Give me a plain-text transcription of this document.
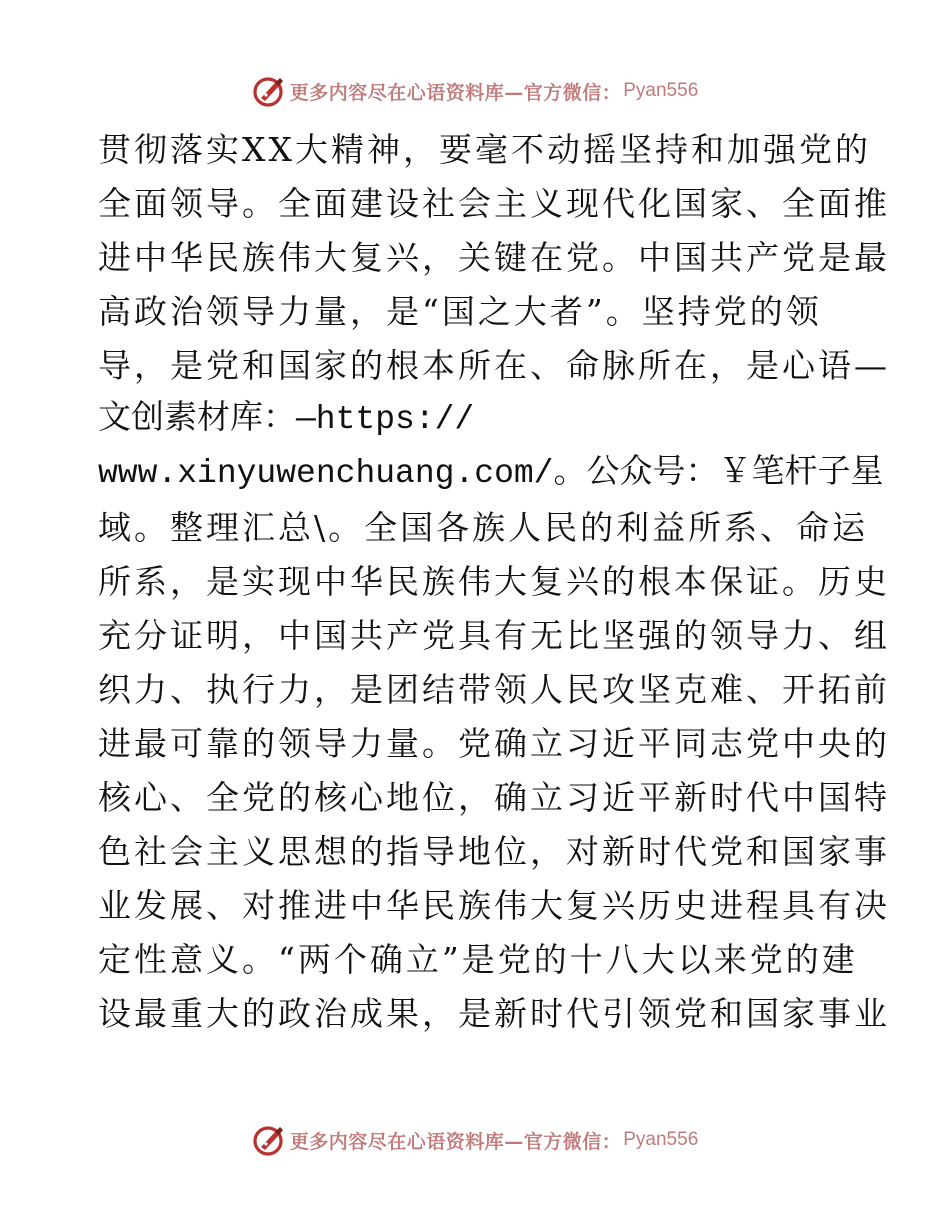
更多内容尽在心语资料库—官方微信： Pyan556
贯彻落实XX大精神，要毫不动摇坚持和加强党的
全面领导。全面建设社会主义现代化国家、全面推
进中华民族伟大复兴，关键在党。中国共产党是最
高政治领导力量，是“国之大者”。坚持党的领
导，是党和国家的根本所在、命脉所在，是心语—
文创素材库：—https://
www.xinyuwenchuang.com/。公众号：￥笔杆子星
域。整理汇总\。全国各族人民的利益所系、命运
所系，是实现中华民族伟大复兴的根本保证。历史
充分证明，中国共产党具有无比坚强的领导力、组
织力、执行力，是团结带领人民攻坚克难、开拓前
进最可靠的领导力量。党确立习近平同志党中央的
核心、全党的核心地位，确立习近平新时代中国特
色社会主义思想的指导地位，对新时代党和国家事
业发展、对推进中华民族伟大复兴历史进程具有决
定性意义。“两个确立”是党的十八大以来党的建
设最重大的政治成果，是新时代引领党和国家事业
更多内容尽在心语资料库—官方微信： Pyan556
